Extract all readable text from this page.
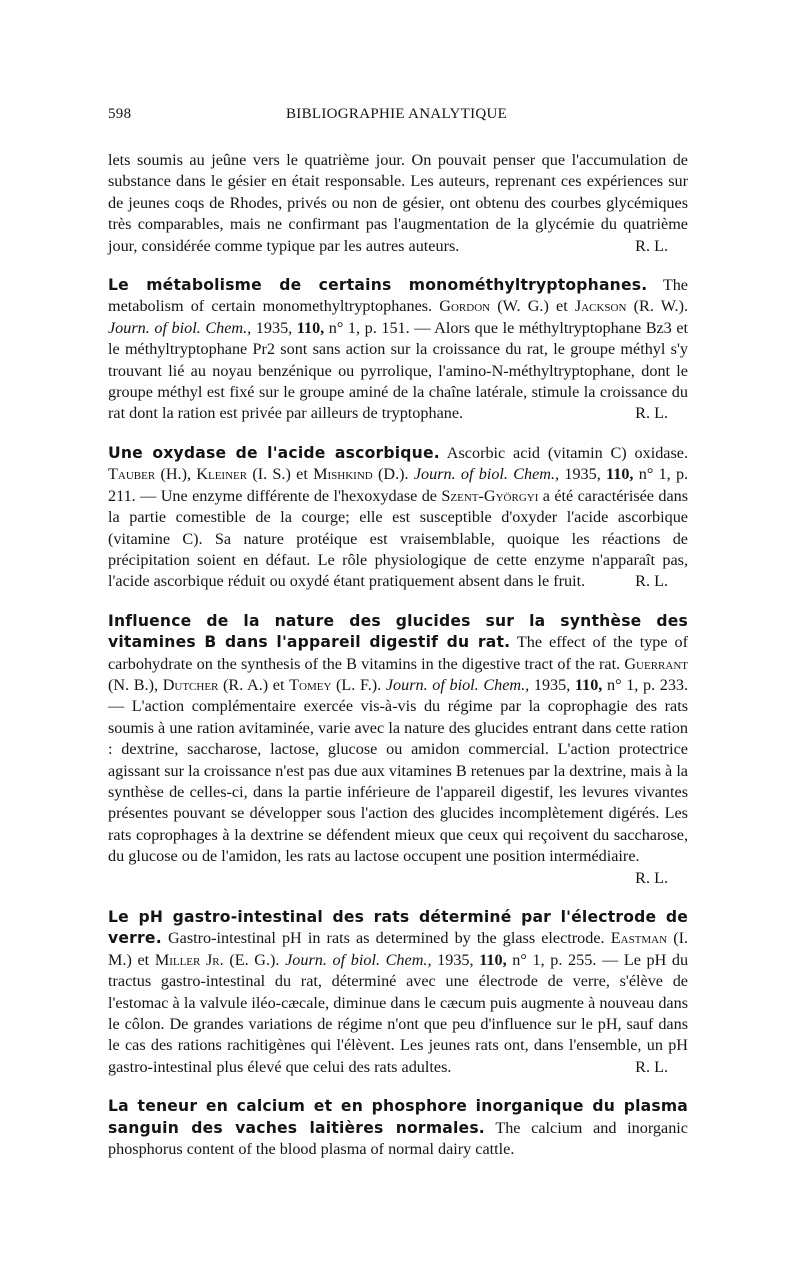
598	BIBLIOGRAPHIE ANALYTIQUE

lets soumis au jeûne vers le quatrième jour. On pouvait penser que l'accumulation de substance dans le gésier en était responsable. Les auteurs, reprenant ces expériences sur de jeunes coqs de Rhodes, privés ou non de gésier, ont obtenu des courbes glycémiques très comparables, mais ne confirmant pas l'augmentation de la glycémie du quatrième jour, considérée comme typique par les autres auteurs.	R. L.

Le métabolisme de certains monométhyltryptophanes. The metabolism of certain monomethyltryptophanes. Gordon (W. G.) et Jackson (R. W.). Journ. of biol. Chem., 1935, 110, n° 1, p. 151. — Alors que le méthyltryptophane Bz3 et le méthyltryptophane Pr2 sont sans action sur la croissance du rat, le groupe méthyl s'y trouvant lié au noyau benzénique ou pyrrolique, l'amino-N-méthyltryptophane, dont le groupe méthyl est fixé sur le groupe aminé de la chaîne latérale, stimule la croissance du rat dont la ration est privée par ailleurs de tryptophane.	R. L.

Une oxydase de l'acide ascorbique. Ascorbic acid (vitamin C) oxidase. Tauber (H.), Kleiner (I. S.) et Mishkind (D.). Journ. of biol. Chem., 1935, 110, n° 1, p. 211. — Une enzyme différente de l'hexoxydase de Szent-Györgyi a été caractérisée dans la partie comestible de la courge; elle est susceptible d'oxyder l'acide ascorbique (vitamine C). Sa nature protéique est vraisemblable, quoique les réactions de précipitation soient en défaut. Le rôle physiologique de cette enzyme n'apparaît pas, l'acide ascorbique réduit ou oxydé étant pratiquement absent dans le fruit.	R. L.

Influence de la nature des glucides sur la synthèse des vitamines B dans l'appareil digestif du rat. The effect of the type of carbohydrate on the synthesis of the B vitamins in the digestive tract of the rat. Guerrant (N. B.), Dutcher (R. A.) et Tomey (L. F.). Journ. of biol. Chem., 1935, 110, n° 1, p. 233. — L'action complémentaire exercée vis-à-vis du régime par la coprophagie des rats soumis à une ration avitaminée, varie avec la nature des glucides entrant dans cette ration : dextrine, saccharose, lactose, glucose ou amidon commercial. L'action protectrice agissant sur la croissance n'est pas due aux vitamines B retenues par la dextrine, mais à la synthèse de celles-ci, dans la partie inférieure de l'appareil digestif, les levures vivantes présentes pouvant se développer sous l'action des glucides incomplètement digérés. Les rats coprophages à la dextrine se défendent mieux que ceux qui reçoivent du saccharose, du glucose ou de l'amidon, les rats au lactose occupent une position intermédiaire.
R. L.

Le pH gastro-intestinal des rats déterminé par l'électrode de verre. Gastro-intestinal pH in rats as determined by the glass electrode. Eastman (I. M.) et Miller Jr. (E. G.). Journ. of biol. Chem., 1935, 110, n° 1, p. 255. — Le pH du tractus gastro-intestinal du rat, déterminé avec une électrode de verre, s'élève de l'estomac à la valvule iléo-cæcale, diminue dans le cæcum puis augmente à nouveau dans le côlon. De grandes variations de régime n'ont que peu d'influence sur le pH, sauf dans le cas des rations rachitigènes qui l'élèvent. Les jeunes rats ont, dans l'ensemble, un pH gastro-intestinal plus élevé que celui des rats adultes.	R. L.

La teneur en calcium et en phosphore inorganique du plasma sanguin des vaches laitières normales. The calcium and inorganic phosphorus content of the blood plasma of normal dairy cattle.
